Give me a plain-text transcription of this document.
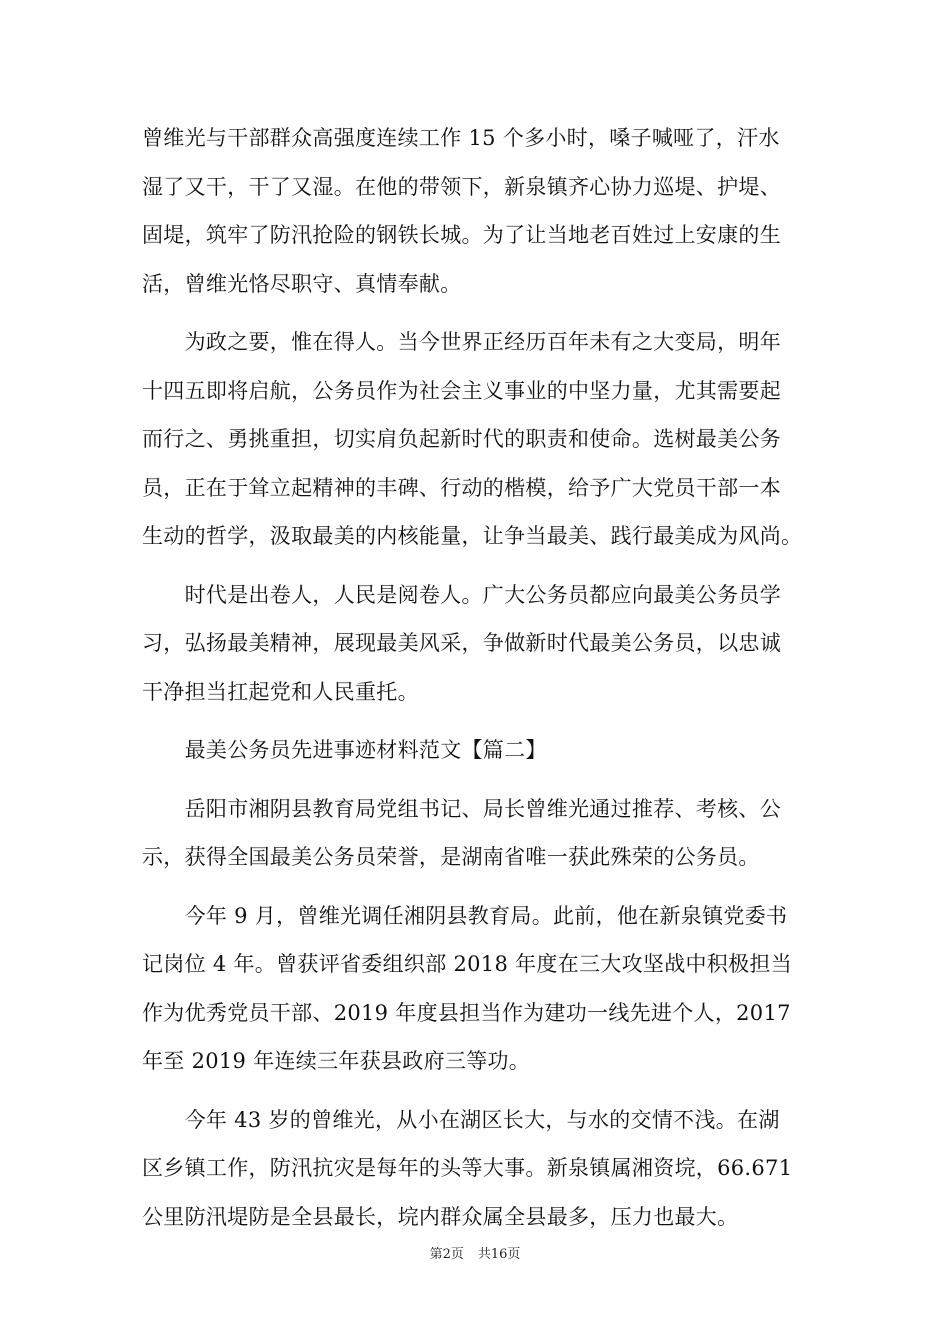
曾维光与干部群众高强度连续工作 15 个多小时，嗓子喊哑了，汗水
湿了又干，干了又湿。在他的带领下，新泉镇齐心协力巡堤、护堤、
固堤，筑牢了防汛抢险的钢铁长城。为了让当地老百姓过上安康的生
活，曾维光恪尽职守、真情奉献。

　　为政之要，惟在得人。当今世界正经历百年未有之大变局，明年
十四五即将启航，公务员作为社会主义事业的中坚力量，尤其需要起
而行之、勇挑重担，切实肩负起新时代的职责和使命。选树最美公务
员，正在于耸立起精神的丰碑、行动的楷模，给予广大党员干部一本
生动的哲学，汲取最美的内核能量，让争当最美、践行最美成为风尚。

　　时代是出卷人，人民是阅卷人。广大公务员都应向最美公务员学
习，弘扬最美精神，展现最美风采，争做新时代最美公务员，以忠诚
干净担当扛起党和人民重托。

　　最美公务员先进事迹材料范文【篇二】

　　岳阳市湘阴县教育局党组书记、局长曾维光通过推荐、考核、公
示，获得全国最美公务员荣誉，是湖南省唯一获此殊荣的公务员。

　　今年 9 月，曾维光调任湘阴县教育局。此前，他在新泉镇党委书
记岗位 4 年。曾获评省委组织部 2018 年度在三大攻坚战中积极担当
作为优秀党员干部、2019 年度县担当作为建功一线先进个人，2017
年至 2019 年连续三年获县政府三等功。

　　今年 43 岁的曾维光，从小在湖区长大，与水的交情不浅。在湖
区乡镇工作，防汛抗灾是每年的头等大事。新泉镇属湘资垸，66.671
公里防汛堤防是全县最长，垸内群众属全县最多，压力也最大。

第2页 共16页
